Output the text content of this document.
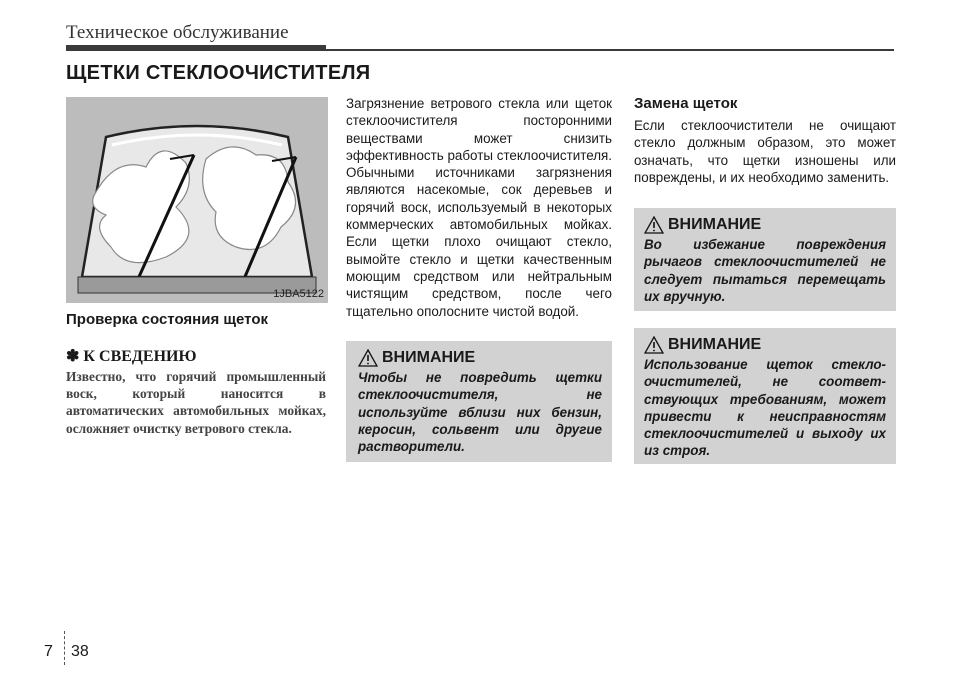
Техническое обслуживание
ЩЕТКИ СТЕКЛООЧИСТИТЕЛЯ
1JBA5122
Проверка состояния щеток
✽ К СВЕДЕНИЮ
Известно, что горячий промышленный воск, который наносится в автоматических автомобильных мойках, осложняет очистку ветрового стекла.
Загрязнение ветрового стекла или щеток стеклоочистителя посторонними веществами может снизить эффективность работы стеклоочистителя. Обычными источниками загрязнения являются насекомые, сок деревьев и горячий воск, используемый в некоторых коммерческих автомобильных мойках. Если щетки плохо очищают стекло, вымойте стекло и щетки качественным моющим средством или нейтральным чистящим средством, после чего тщательно ополосните чистой водой.
ВНИМАНИЕ
Чтобы не повредить щетки стеклоочистителя, не используйте вблизи них бензин, керосин, сольвент или другие растворители.
Замена щеток
Если стеклоочистители не очищают стекло должным образом, это может означать, что щетки изношены или повреждены, и их необходимо заменить.
ВНИМАНИЕ
Во избежание повреждения рычагов стеклоочистителей не следует пытаться перемещать их вручную.
ВНИМАНИЕ
Использование щеток стеклоочистителей, не соответствующих требованиям, может привести к неисправностям стеклоочистителей и выходу их из строя.
7 38
